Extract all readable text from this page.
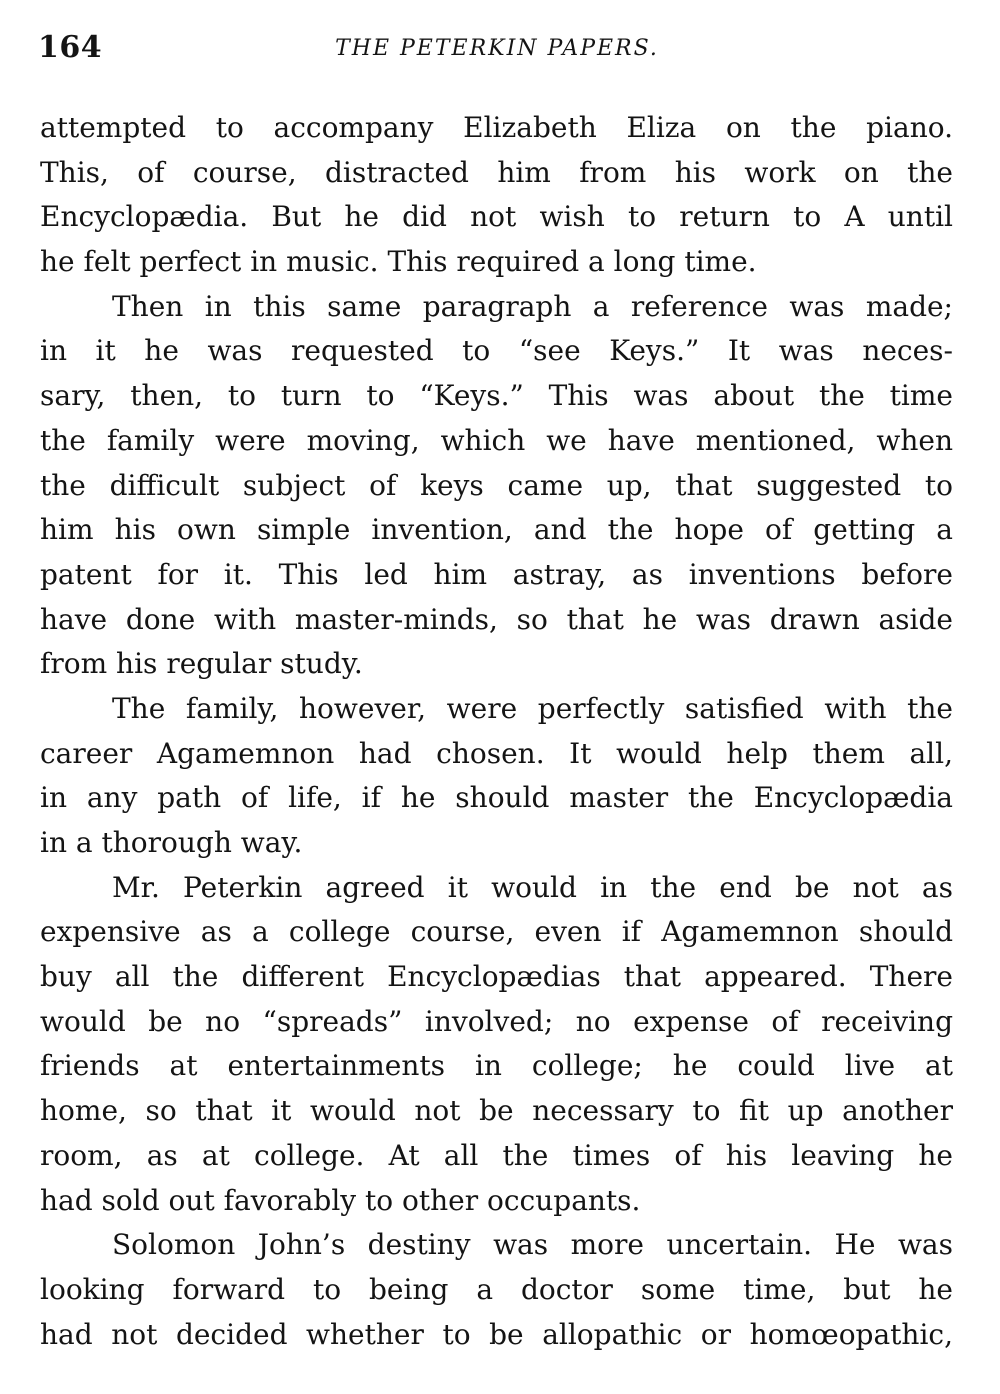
164	THE PETERKIN PAPERS.
attempted to accompany Elizabeth Eliza on the piano.
This, of course, distracted him from his work on the
Encyclopædia. But he did not wish to return to A until
he felt perfect in music. This required a long time.
Then in this same paragraph a reference was made;
in it he was requested to “see Keys.” It was neces-
sary, then, to turn to “Keys.” This was about the time
the family were moving, which we have mentioned, when
the difficult subject of keys came up, that suggested to
him his own simple invention, and the hope of getting a
patent for it. This led him astray, as inventions before
have done with master-minds, so that he was drawn aside
from his regular study.
The family, however, were perfectly satisfied with the
career Agamemnon had chosen. It would help them all,
in any path of life, if he should master the Encyclopædia
in a thorough way.
Mr. Peterkin agreed it would in the end be not as
expensive as a college course, even if Agamemnon should
buy all the different Encyclopædias that appeared. There
would be no “spreads” involved; no expense of receiving
friends at entertainments in college; he could live at
home, so that it would not be necessary to fit up another
room, as at college. At all the times of his leaving he
had sold out favorably to other occupants.
Solomon John’s destiny was more uncertain. He was
looking forward to being a doctor some time, but he
had not decided whether to be allopathic or homœopathic,
